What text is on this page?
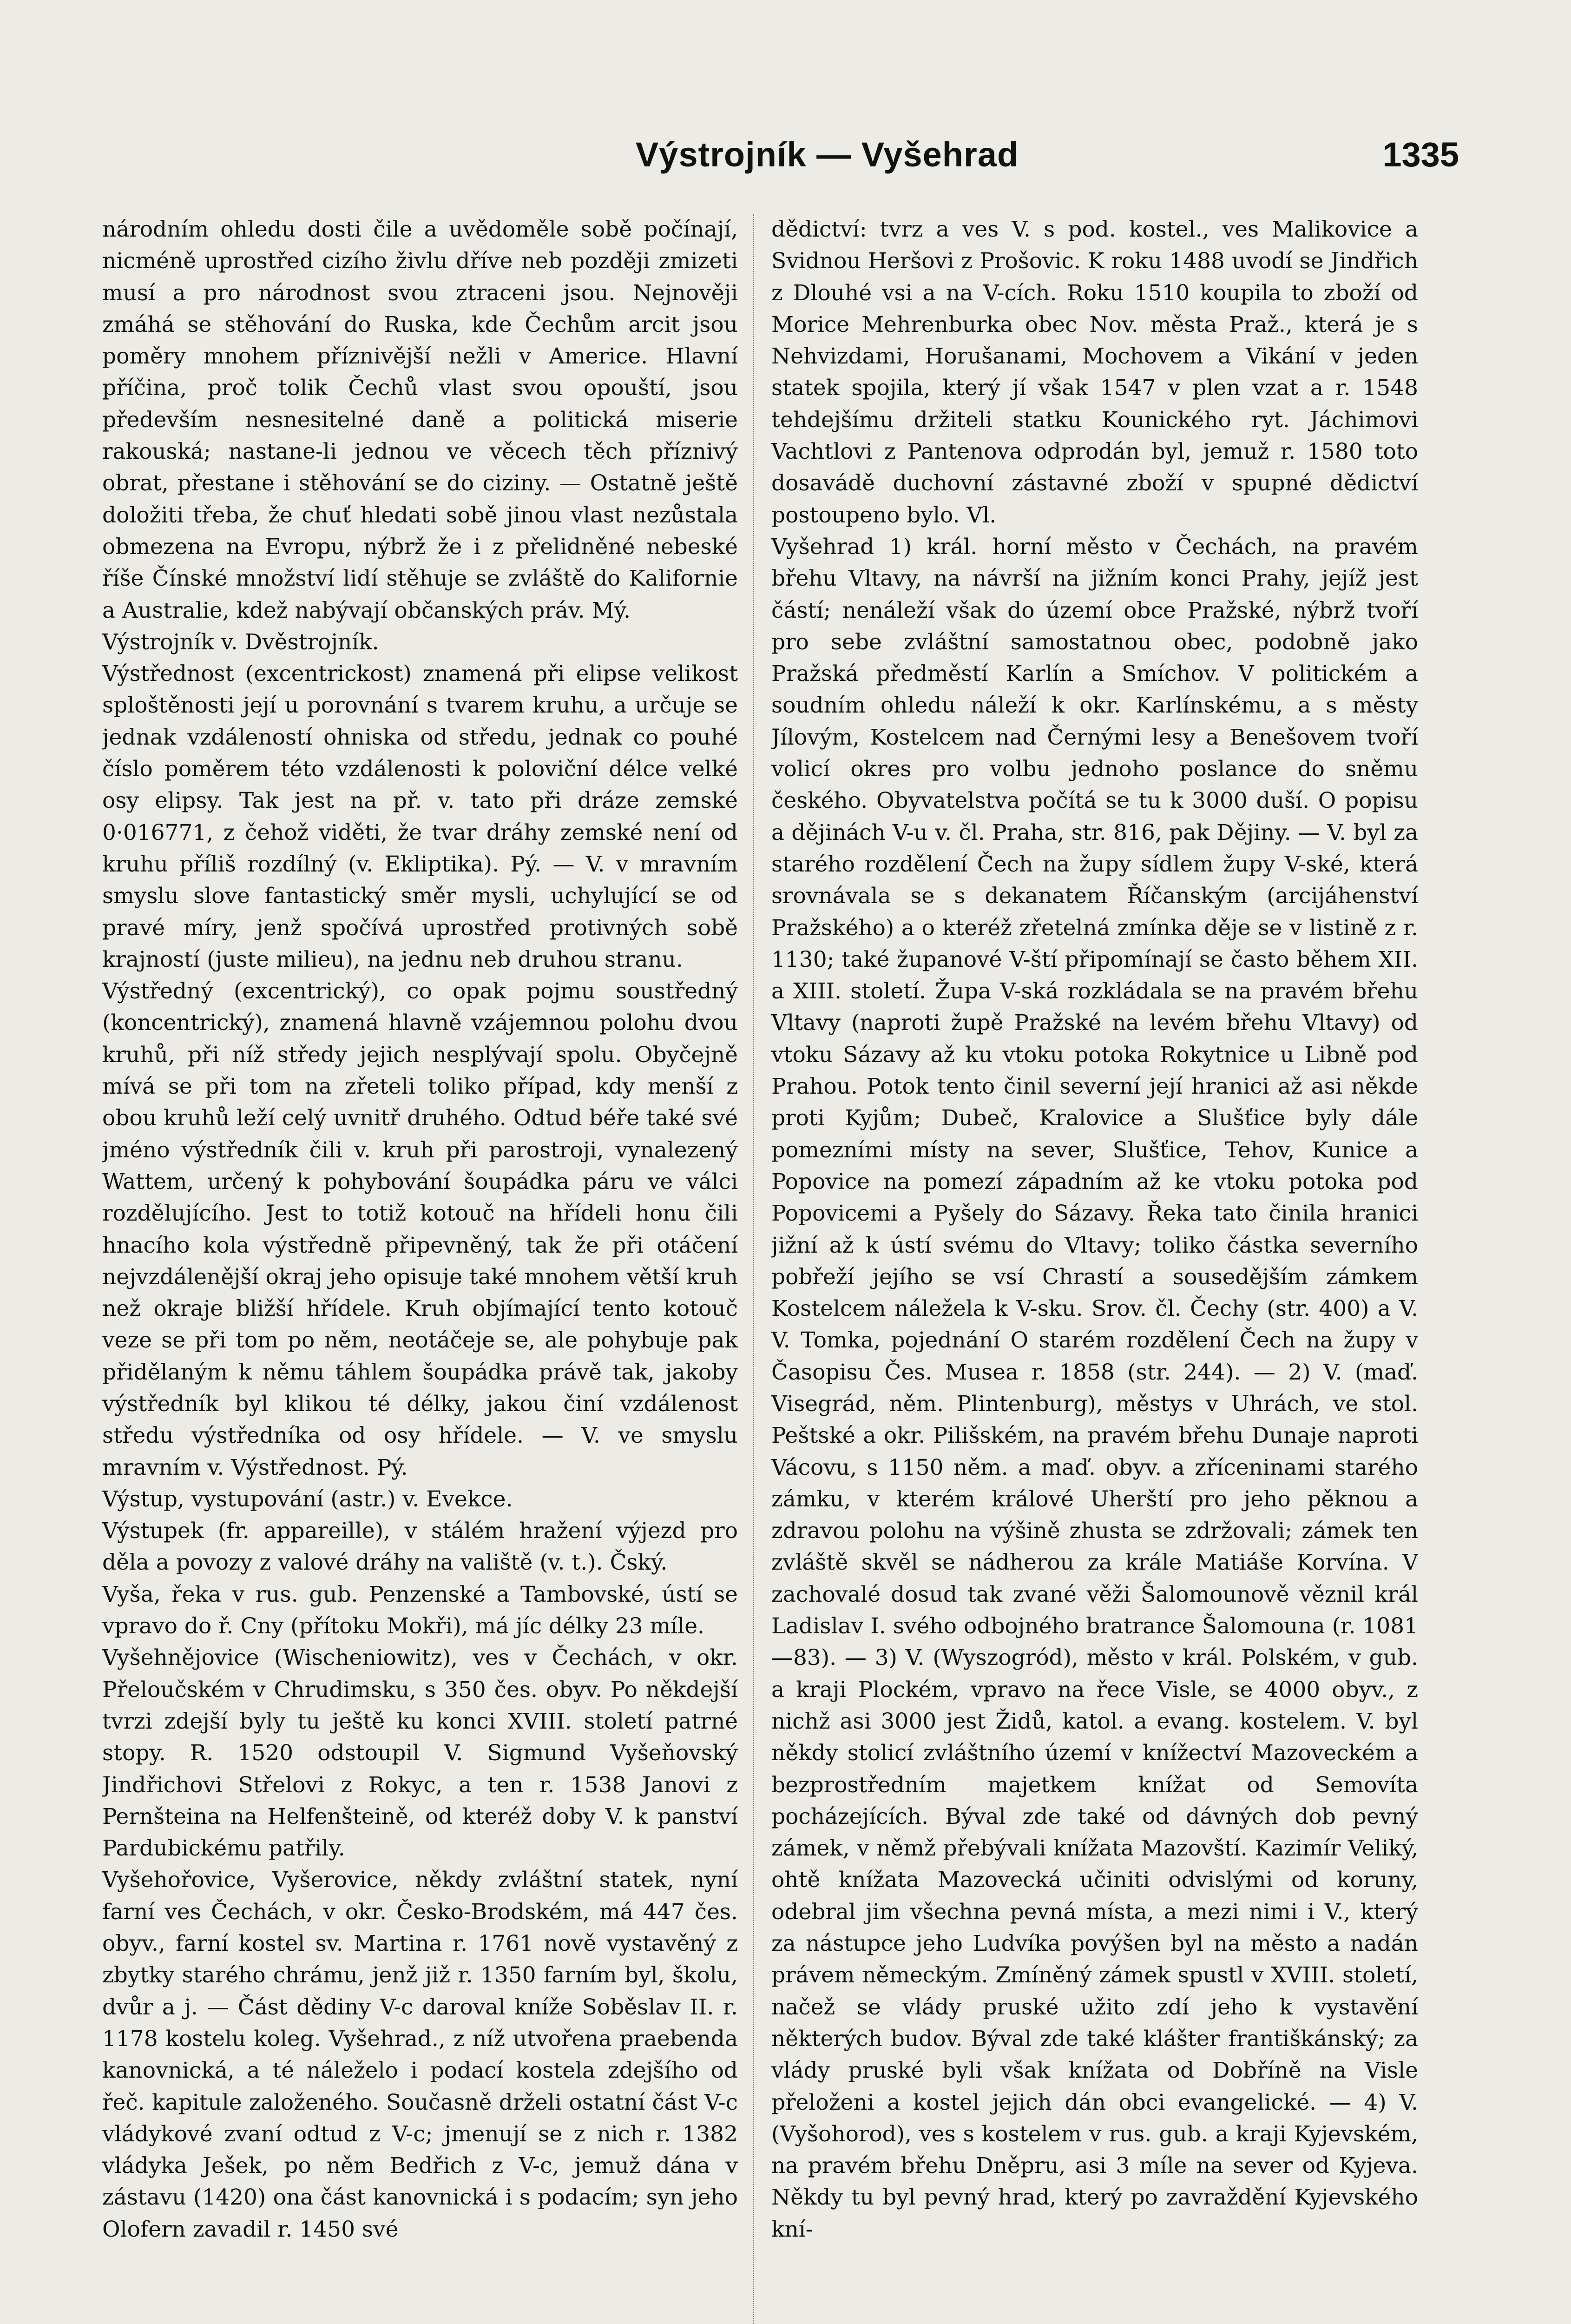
Výstrojník — Vyšehrad	1335

národním ohledu dosti čile a uvědoměle sobě počínají, nicméně uprostřed cizího živlu dříve neb později zmizeti musí a pro národnost svou ztraceni jsou. Nejnověji zmáhá se stěhování do Ruska, kde Čechům arcit jsou poměry mnohem příznivější nežli v Americe. Hlavní příčina, proč tolik Čechů vlast svou opouští, jsou především nesnesitelné daně a politická miserie rakouská; nastane-li jednou ve věcech těch příznivý obrat, přestane i stěhování se do ciziny. — Ostatně ještě doložiti třeba, že chuť hledati sobě jinou vlast nezůstala obmezena na Evropu, nýbrž že i z přelidněné nebeské říše Čínské množství lidí stěhuje se zvláště do Kalifornie a Australie, kdež nabývají občanských práv. Mý.

Výstrojník v. Dvěstrojník.

Výstřednost (excentrickost) znamená při elipse velikost sploštěnosti její u porovnání s tvarem kruhu, a určuje se jednak vzdáleností ohniska od středu, jednak co pouhé číslo poměrem této vzdálenosti k poloviční délce velké osy elipsy. Tak jest na př. v. tato při dráze zemské 0·016771, z čehož viděti, že tvar dráhy zemské není od kruhu příliš rozdílný (v. Ekliptika). Pý. — V. v mravním smyslu slove fantastický směr mysli, uchylující se od pravé míry, jenž spočívá uprostřed protivných sobě krajností (juste milieu), na jednu neb druhou stranu.

Výstředný (excentrický), co opak pojmu soustředný (koncentrický), znamená hlavně vzájemnou polohu dvou kruhů, při níž středy jejich nesplývají spolu. Obyčejně mívá se při tom na zřeteli toliko případ, kdy menší z obou kruhů leží celý uvnitř druhého. Odtud béře také své jméno výstředník čili v. kruh při parostroji, vynalezený Wattem, určený k pohybování šoupádka páru ve válci rozdělujícího. Jest to totiž kotouč na hřídeli honu čili hnacího kola výstředně připevněný, tak že při otáčení nejvzdálenější okraj jeho opisuje také mnohem větší kruh než okraje bližší hřídele. Kruh objímající tento kotouč veze se při tom po něm, neotáčeje se, ale pohybuje pak přidělaným k němu táhlem šoupádka právě tak, jakoby výstředník byl klikou té délky, jakou činí vzdálenost středu výstředníka od osy hřídele. — V. ve smyslu mravním v. Výstřednost. Pý.

Výstup, vystupování (astr.) v. Evekce.

Výstupek (fr. appareille), v stálém hražení výjezd pro děla a povozy z valové dráhy na valiště (v. t.). Čský.

Vyša, řeka v rus. gub. Penzenské a Tambovské, ústí se vpravo do ř. Cny (přítoku Mokři), má jíc délky 23 míle.

Vyšehnějovice (Wischeniowitz), ves v Čechách, v okr. Přeloučském v Chrudimsku, s 350 čes. obyv. Po někdejší tvrzi zdejší byly tu ještě ku konci XVIII. století patrné stopy. R. 1520 odstoupil V. Sigmund Vyšeňovský Jindřichovi Střelovi z Rokyc, a ten r. 1538 Janovi z Pernšteina na Helfenšteině, od kteréž doby V. k panství Pardubickému patřily.

Vyšehořovice, Vyšerovice, někdy zvláštní statek, nyní farní ves Čechách, v okr. Česko-Brodském, má 447 čes. obyv., farní kostel sv. Martina r. 1761 nově vystavěný z zbytky starého chrámu, jenž již r. 1350 farním byl, školu, dvůr a j. — Část dědiny V-c daroval kníže Soběslav II. r. 1178 kostelu koleg. Vyšehrad., z níž utvořena praebenda kanovnická, a té náleželo i podací kostela zdejšího od řeč. kapitule založeného. Současně drželi ostatní část V-c vládykové zvaní odtud z V-c; jmenují se z nich r. 1382 vládyka Ješek, po něm Bedřich z V-c, jemuž dána v zástavu (1420) ona část kanovnická i s podacím; syn jeho Olofern zavadil r. 1450 své

dědictví: tvrz a ves V. s pod. kostel., ves Malikovice a Svidnou Heršovi z Prošovic. K roku 1488 uvodí se Jindřich z Dlouhé vsi a na V-cích. Roku 1510 koupila to zboží od Morice Mehrenburka obec Nov. města Praž., která je s Nehvizdami, Horušanami, Mochovem a Vikání v jeden statek spojila, který jí však 1547 v plen vzat a r. 1548 tehdejšímu držiteli statku Kounického ryt. Jáchimovi Vachtlovi z Pantenova odprodán byl, jemuž r. 1580 toto dosavádě duchovní zástavné zboží v spupné dědictví postoupeno bylo. Vl.

Vyšehrad 1) král. horní město v Čechách, na pravém břehu Vltavy, na návrší na jižním konci Prahy, jejíž jest částí; nenáleží však do území obce Pražské, nýbrž tvoří pro sebe zvláštní samostatnou obec, podobně jako Pražská předměstí Karlín a Smíchov. V politickém a soudním ohledu náleží k okr. Karlínskému, a s městy Jílovým, Kostelcem nad Černými lesy a Benešovem tvoří volicí okres pro volbu jednoho poslance do sněmu českého. Obyvatelstva počítá se tu k 3000 duší. O popisu a dějinách V-u v. čl. Praha, str. 816, pak Dějiny. — V. byl za starého rozdělení Čech na župy sídlem župy V-ské, která srovnávala se s dekanatem Říčanským (arcijáhenství Pražského) a o kteréž zřetelná zmínka děje se v listině z r. 1130; také županové V-ští připomínají se často během XII. a XIII. století. Župa V-ská rozkládala se na pravém břehu Vltavy (naproti župě Pražské na levém břehu Vltavy) od vtoku Sázavy až ku vtoku potoka Rokytnice u Libně pod Prahou. Potok tento činil severní její hranici až asi někde proti Kyjům; Dubeč, Kralovice a Slušťice byly dále pomezními místy na sever, Slušťice, Tehov, Kunice a Popovice na pomezí západním až ke vtoku potoka pod Popovicemi a Pyšely do Sázavy. Řeka tato činila hranici jižní až k ústí svému do Vltavy; toliko částka severního pobřeží jejího se vsí Chrastí a sousedějším zámkem Kostelcem náležela k V-sku. Srov. čl. Čechy (str. 400) a V. V. Tomka, pojednání O starém rozdělení Čech na župy v Časopisu Čes. Musea r. 1858 (str. 244). — 2) V. (maď. Visegrád, něm. Plintenburg), městys v Uhrách, ve stol. Peštské a okr. Pilišském, na pravém břehu Dunaje naproti Vácovu, s 1150 něm. a maď. obyv. a zříceninami starého zámku, v kterém králové Uherští pro jeho pěknou a zdravou polohu na výšině zhusta se zdržovali; zámek ten zvláště skvěl se nádherou za krále Matiáše Korvína. V zachovalé dosud tak zvané věži Šalomounově věznil král Ladislav I. svého odbojného bratrance Šalomouna (r. 1081—83). — 3) V. (Wyszogród), město v král. Polském, v gub. a kraji Plockém, vpravo na řece Visle, se 4000 obyv., z nichž asi 3000 jest Židů, katol. a evang. kostelem. V. byl někdy stolicí zvláštního území v knížectví Mazoveckém a bezprostředním majetkem knížat od Semovíta pocházejících. Býval zde také od dávných dob pevný zámek, v němž přebývali knížata Mazovští. Kazimír Veliký, ohtě knížata Mazovecká učiniti odvislými od koruny, odebral jim všechna pevná místa, a mezi nimi i V., který za nástupce jeho Ludvíka povýšen byl na město a nadán právem německým. Zmíněný zámek spustl v XVIII. století, načež se vlády pruské užito zdí jeho k vystavění některých budov. Býval zde také klášter františkánský; za vlády pruské byli však knížata od Dobříně na Visle přeloženi a kostel jejich dán obci evangelické. — 4) V. (Vyšohorod), ves s kostelem v rus. gub. a kraji Kyjevském, na pravém břehu Dněpru, asi 3 míle na sever od Kyjeva. Někdy tu byl pevný hrad, který po zavraždění Kyjevského kní-
